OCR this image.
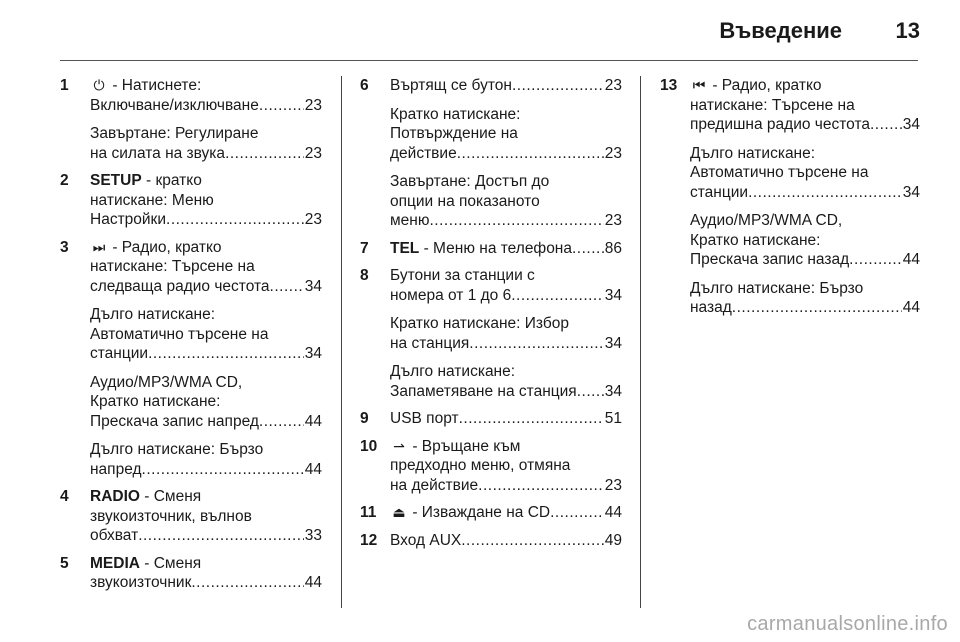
Въведение 13
1	⏻ - Натиснете:
Включване/изключване .....	23
Завъртане: Регулиране
на силата на звука .....	23
2	SETUP - кратко
натискане: Меню
Настройки .....	23
3	⏭ - Радио, кратко
натискане: Търсене на
следваща радио честота ..... 34
Дълго натискане:
Автоматично търсене на
станции .....	34
Аудио/MP3/WMA CD,
Кратко натискане:
Прескача запис напред .....	44
Дълго натискане: Бързо
напред .....	44
4	RADIO - Сменя
звукоизточник, вълнов
обхват .....	33
5	MEDIA - Сменя
звукоизточник .....	44
6	Въртящ се бутон .....	23
Кратко натискане:
Потвърждение на
действие .....	23
Завъртане: Достъп до
опции на показаното
меню .....	23
7	TEL - Меню на телефона ..... 86
8	Бутони за станции с
номера от 1 до 6 .....	34
Кратко натискане: Избор
на станция .....	34
Дълго натискане:
Запаметяване на станция ..... 34
9	USB порт .....	51
10	⇀ - Връщане към
предходно меню, отмяна
на действие .....	23
11	⏏ - Изваждане на CD .....	44
12 Вход AUX .....	49
13	⏮ - Радио, кратко
натискане: Търсене на
предишна радио честота ..... 34
Дълго натискане:
Автоматично търсене на
станции .....	34
Аудио/MP3/WMA CD,
Кратко натискане:
Прескача запис назад .....	44
Дълго натискане: Бързо
назад .....	44
carmanualsonline.info
